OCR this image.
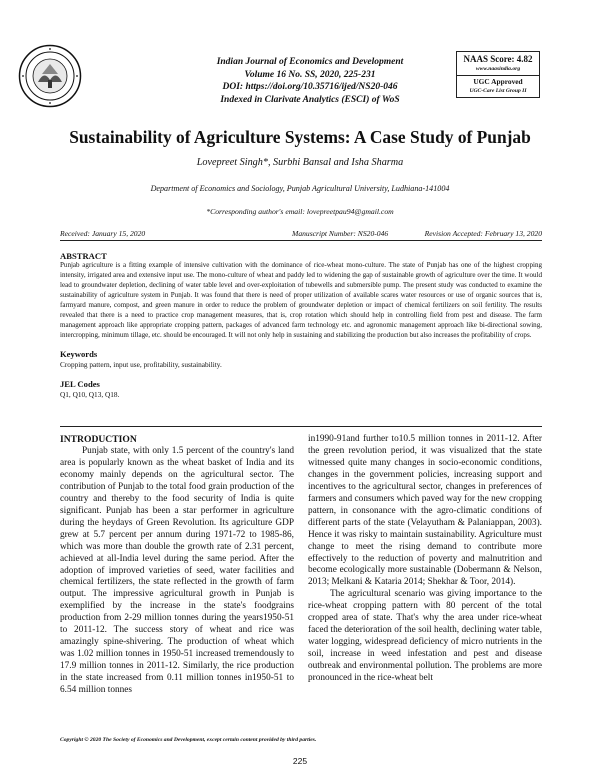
Indian Journal of Economics and Development
Volume 16 No. SS, 2020, 225-231
DOI: https://doi.org/10.35716/ijed/NS20-046
Indexed in Clarivate Analytics (ESCI) of WoS
NAAS Score: 4.82
www.naasindia.org
UGC Approved
UGC-Care List Group II
Sustainability of Agriculture Systems: A Case Study of Punjab
Lovepreet Singh*, Surbhi Bansal and Isha Sharma
Department of Economics and Sociology, Punjab Agricultural University, Ludhiana-141004
*Corresponding author's email: lovepreetpau94@gmail.com
Received: January 15, 2020	Manuscript Number: NS20-046	Revision Accepted: February 13, 2020
ABSTRACT
Punjab agriculture is a fitting example of intensive cultivation with the dominance of rice-wheat mono-culture. The state of Punjab has one of the highest cropping intensity, irrigated area and extensive input use. The mono-culture of wheat and paddy led to widening the gap of sustainable growth of agriculture over the time. It would lead to groundwater depletion, declining of water table level and over-exploitation of tubewells and submersible pump. The present study was conducted to examine the sustainability of agriculture system in Punjab. It was found that there is need of proper utilization of available scares water resources or use of organic sources that is, farmyard manure, compost, and green manure in order to reduce the problem of groundwater depletion or impact of chemical fertilizers on soil fertility. The results revealed that there is a need to practice crop management measures, that is, crop rotation which should help in controlling field from pest and disease. The farm management approach like appropriate cropping pattern, packages of advanced farm technology etc. and agronomic management approach like bi-directional sowing, intercropping, minimum tillage, etc. should be encouraged. It will not only help in sustaining and stabilizing the production but also increases the profitability of crops.
Keywords
Cropping pattern, input use, profitability, sustainability.
JEL Codes
Q1, Q10, Q13, Q18.
INTRODUCTION

Punjab state, with only 1.5 percent of the country's land area is popularly known as the wheat basket of India and its economy mainly depends on the agricultural sector. The contribution of Punjab to the total food grain production of the country and thereby to the food security of India is quite significant. Punjab has been a star performer in agriculture during the heydays of Green Revolution. Its agriculture GDP grew at 5.7 percent per annum during 1971-72 to 1985-86, which was more than double the growth rate of 2.31 percent, achieved at all-India level during the same period. After the adoption of improved varieties of seed, water facilities and chemical fertilizers, the state reflected in the growth of farm output. The impressive agricultural growth in Punjab is exemplified by the increase in the state's foodgrains production from 2-29 million tonnes during the years1950-51 to 2011-12. The success story of wheat and rice was amazingly spine-shivering. The production of wheat which was 1.02 million tonnes in 1950-51 increased tremendously to 17.9 million tonnes in 2011-12. Similarly, the rice production in the state increased from 0.11 million tonnes in1950-51 to 6.54 million tonnes

in1990-91and further to10.5 million tonnes in 2011-12. After the green revolution period, it was visualized that the state witnessed quite many changes in socio-economic conditions, changes in the government policies, increasing support and incentives to the agricultural sector, changes in preferences of farmers and consumers which paved way for the new cropping pattern, in consonance with the agro-climatic conditions of different parts of the state (Velayutham & Palaniappan, 2003). Hence it was risky to maintain sustainability. Agriculture must change to meet the rising demand to contribute more effectively to the reduction of poverty and malnutrition and become ecologically more sustainable (Dobermann & Nelson, 2013; Melkani & Kataria 2014; Shekhar & Toor, 2014).

The agricultural scenario was giving importance to the rice-wheat cropping pattern with 80 percent of the total cropped area of state. That's why the area under rice-wheat faced the deterioration of the soil health, declining water table, water logging, widespread deficiency of micro nutrients in the soil, increase in weed infestation and pest and disease outbreak and environmental pollution. The problems are more pronounced in the rice-wheat belt

Copyright © 2020 The Society of Economics and Development, except certain content provided by third parties.
225
